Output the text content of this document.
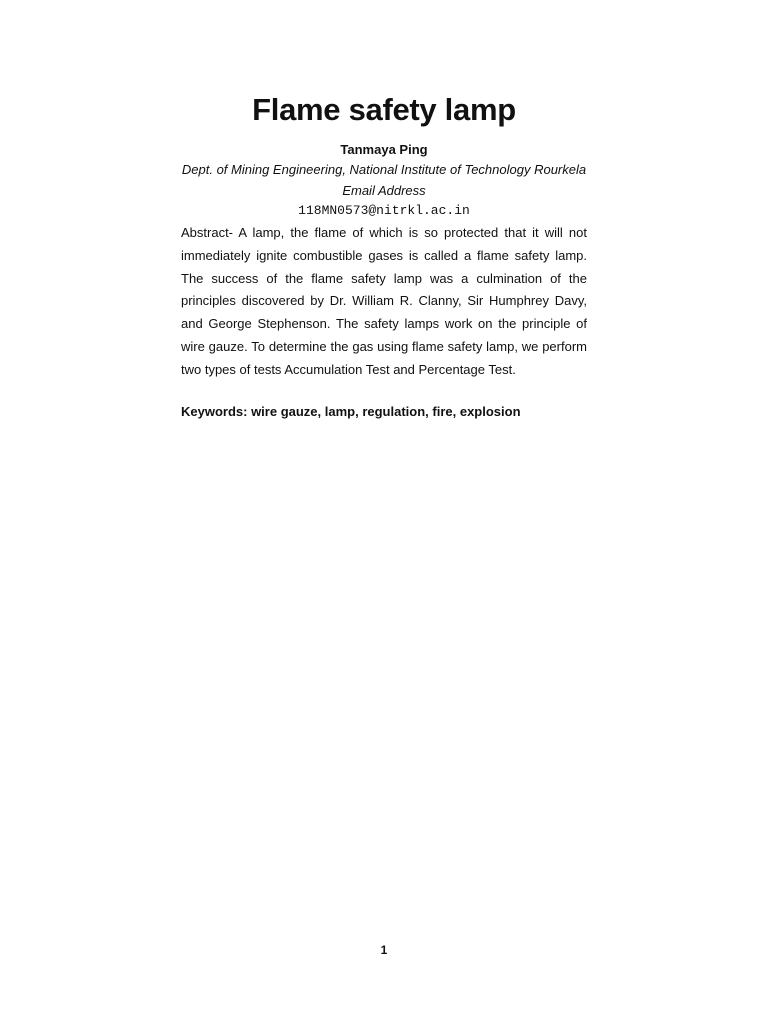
Flame safety lamp
Tanmaya Ping
Dept. of Mining Engineering, National Institute of Technology Rourkela
Email Address
118MN0573@nitrkl.ac.in

Abstract- A lamp, the flame of which is so protected that it will not immediately ignite combustible gases is called a flame safety lamp. The success of the flame safety lamp was a culmination of the principles discovered by Dr. William R. Clanny, Sir Humphrey Davy, and George Stephenson. The safety lamps work on the principle of wire gauze. To determine the gas using flame safety lamp, we perform two types of tests Accumulation Test and Percentage Test.

Keywords: wire gauze, lamp, regulation, fire, explosion

1
